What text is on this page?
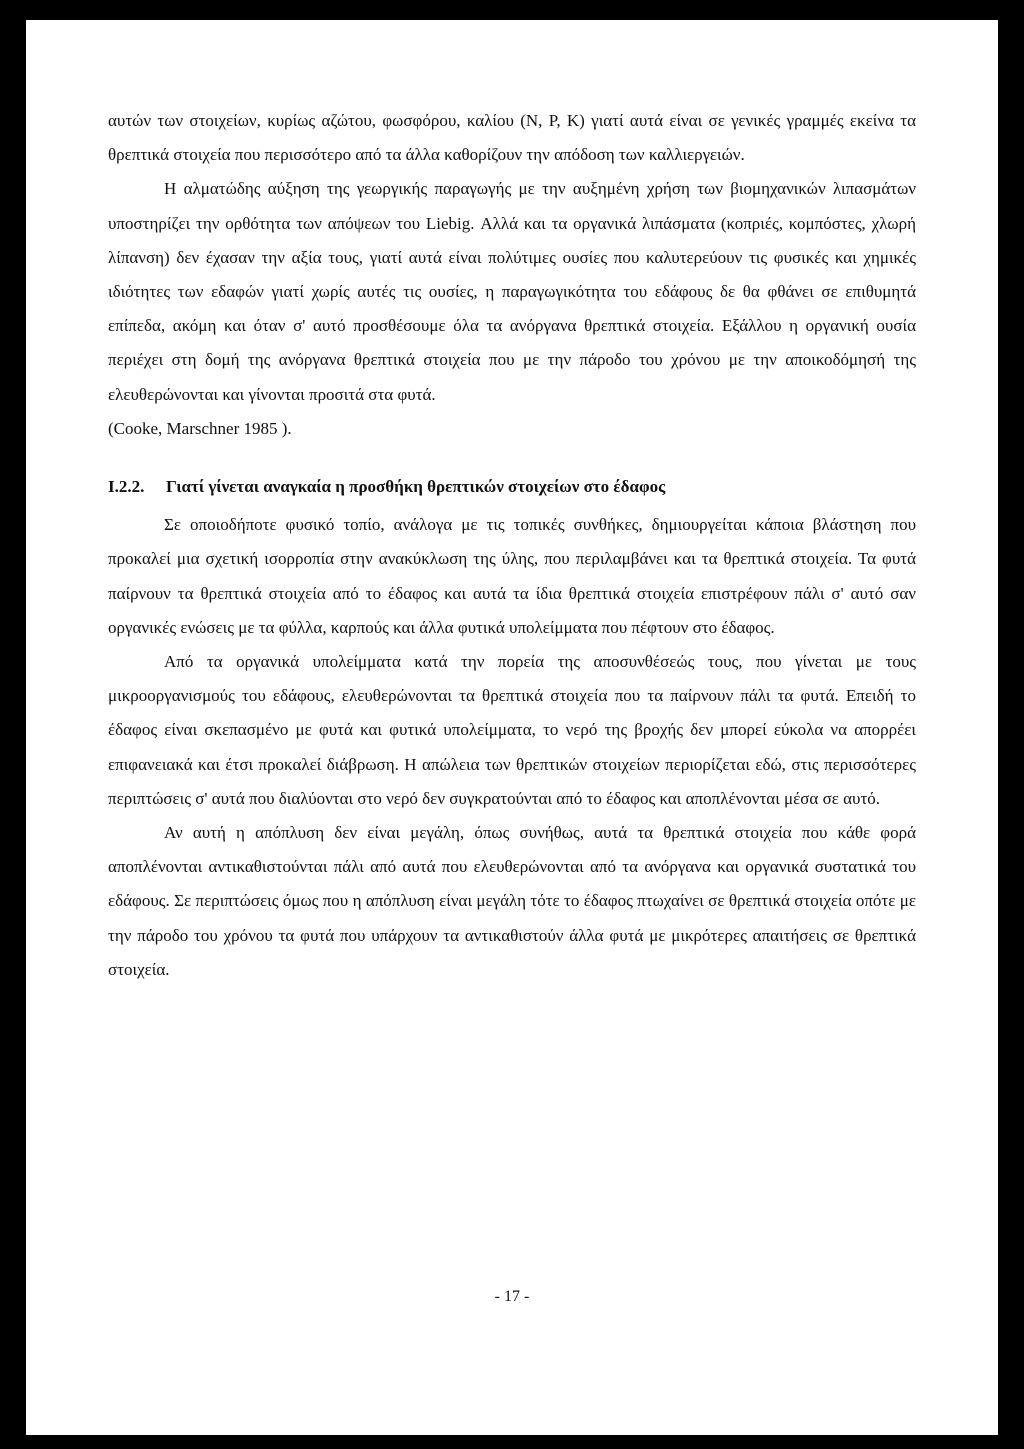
αυτών των στοιχείων, κυρίως αζώτου, φωσφόρου, καλίου (Ν, Ρ, Κ) γιατί αυτά είναι σε γενικές γραμμές εκείνα τα θρεπτικά στοιχεία που περισσότερο από τα άλλα καθορίζουν την απόδοση των καλλιεργειών.

Η αλματώδης αύξηση της γεωργικής παραγωγής με την αυξημένη χρήση των βιομηχανικών λιπασμάτων υποστηρίζει την ορθότητα των απόψεων του Liebig. Αλλά και τα οργανικά λιπάσματα (κοπριές, κομπόστες, χλωρή λίπανση) δεν έχασαν την αξία τους, γιατί αυτά είναι πολύτιμες ουσίες που καλυτερεύουν τις φυσικές και χημικές ιδιότητες των εδαφών γιατί χωρίς αυτές τις ουσίες, η παραγωγικότητα του εδάφους δε θα φθάνει σε επιθυμητά επίπεδα, ακόμη και όταν σ' αυτό προσθέσουμε όλα τα ανόργανα θρεπτικά στοιχεία. Εξάλλου η οργανική ουσία περιέχει στη δομή της ανόργανα θρεπτικά στοιχεία που με την πάροδο του χρόνου με την αποικοδόμησή της ελευθερώνονται και γίνονται προσιτά στα φυτά.

(Cooke, Marschner 1985 ).

I.2.2. Γιατί γίνεται αναγκαία η προσθήκη θρεπτικών στοιχείων στο έδαφος

Σε οποιοδήποτε φυσικό τοπίο, ανάλογα με τις τοπικές συνθήκες, δημιουργείται κάποια βλάστηση που προκαλεί μια σχετική ισορροπία στην ανακύκλωση της ύλης, που περιλαμβάνει και τα θρεπτικά στοιχεία. Τα φυτά παίρνουν τα θρεπτικά στοιχεία από το έδαφος και αυτά τα ίδια θρεπτικά στοιχεία επιστρέφουν πάλι σ' αυτό σαν οργανικές ενώσεις με τα φύλλα, καρπούς και άλλα φυτικά υπολείμματα που πέφτουν στο έδαφος.

Από τα οργανικά υπολείμματα κατά την πορεία της αποσυνθέσεώς τους, που γίνεται με τους μικροοργανισμούς του εδάφους, ελευθερώνονται τα θρεπτικά στοιχεία που τα παίρνουν πάλι τα φυτά. Επειδή το έδαφος είναι σκεπασμένο με φυτά και φυτικά υπολείμματα, το νερό της βροχής δεν μπορεί εύκολα να απορρέει επιφανειακά και έτσι προκαλεί διάβρωση. Η απώλεια των θρεπτικών στοιχείων περιορίζεται εδώ, στις περισσότερες περιπτώσεις σ' αυτά που διαλύονται στο νερό δεν συγκρατούνται από το έδαφος και αποπλένονται μέσα σε αυτό.

Αν αυτή η απόπλυση δεν είναι μεγάλη, όπως συνήθως, αυτά τα θρεπτικά στοιχεία που κάθε φορά αποπλένονται αντικαθιστούνται πάλι από αυτά που ελευθερώνονται από τα ανόργανα και οργανικά συστατικά του εδάφους. Σε περιπτώσεις όμως που η απόπλυση είναι μεγάλη τότε το έδαφος πτωχαίνει σε θρεπτικά στοιχεία οπότε με την πάροδο του χρόνου τα φυτά που υπάρχουν τα αντικαθιστούν άλλα φυτά με μικρότερες απαιτήσεις σε θρεπτικά στοιχεία.

- 17 -
